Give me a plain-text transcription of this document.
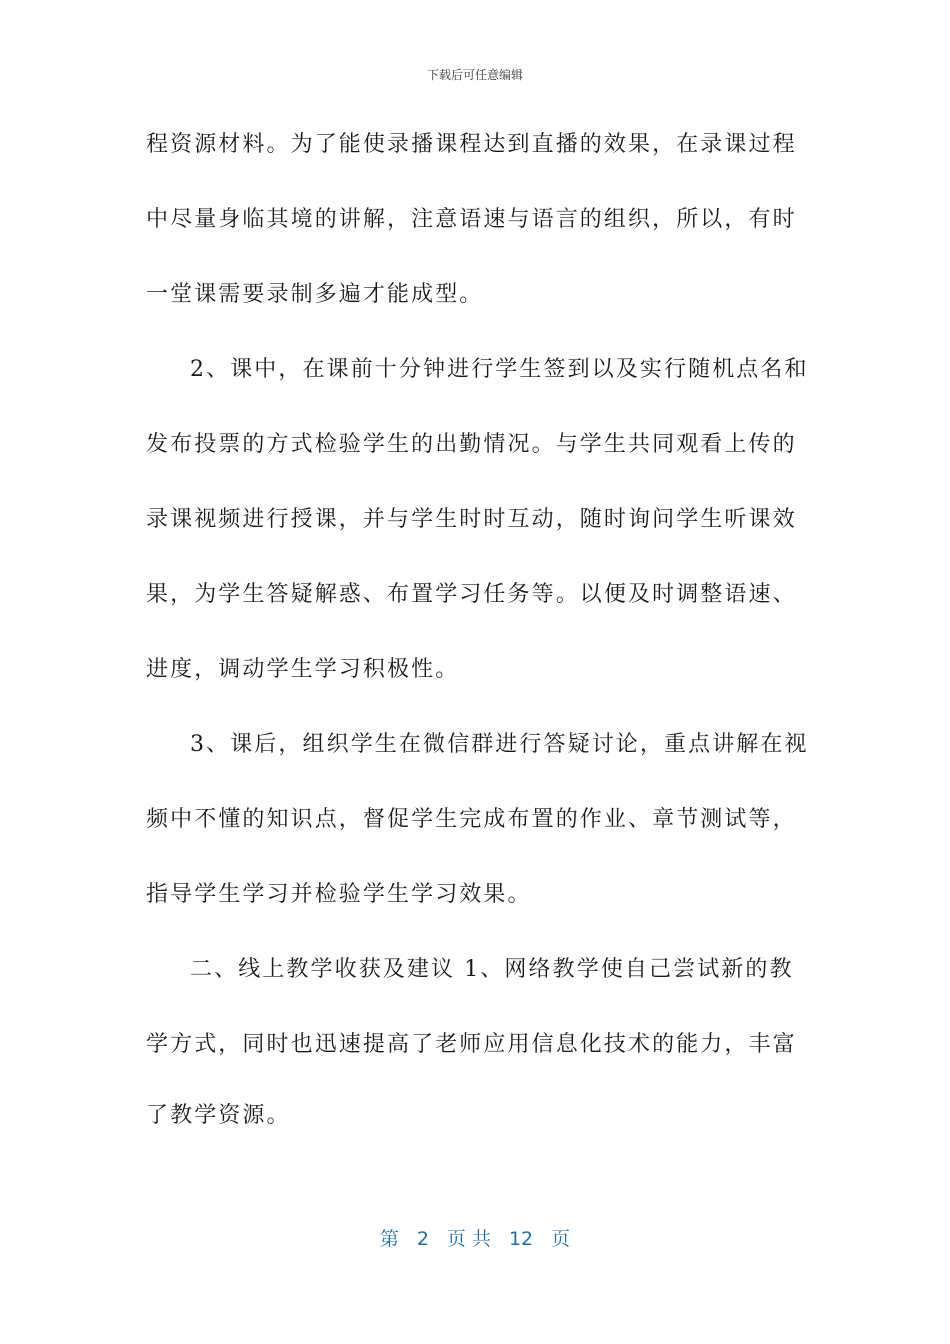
下载后可任意编辑
程资源材料。为了能使录播课程达到直播的效果，在录课过程
中尽量身临其境的讲解，注意语速与语言的组织，所以，有时
一堂课需要录制多遍才能成型。
2、课中，在课前十分钟进行学生签到以及实行随机点名和
发布投票的方式检验学生的出勤情况。与学生共同观看上传的
录课视频进行授课，并与学生时时互动，随时询问学生听课效
果，为学生答疑解惑、布置学习任务等。以便及时调整语速、
进度，调动学生学习积极性。
3、课后，组织学生在微信群进行答疑讨论，重点讲解在视
频中不懂的知识点，督促学生完成布置的作业、章节测试等，
指导学生学习并检验学生学习效果。
二、线上教学收获及建议 1、网络教学使自己尝试新的教
学方式，同时也迅速提高了老师应用信息化技术的能力，丰富
了教学资源。
第 2 页 共 12 页
